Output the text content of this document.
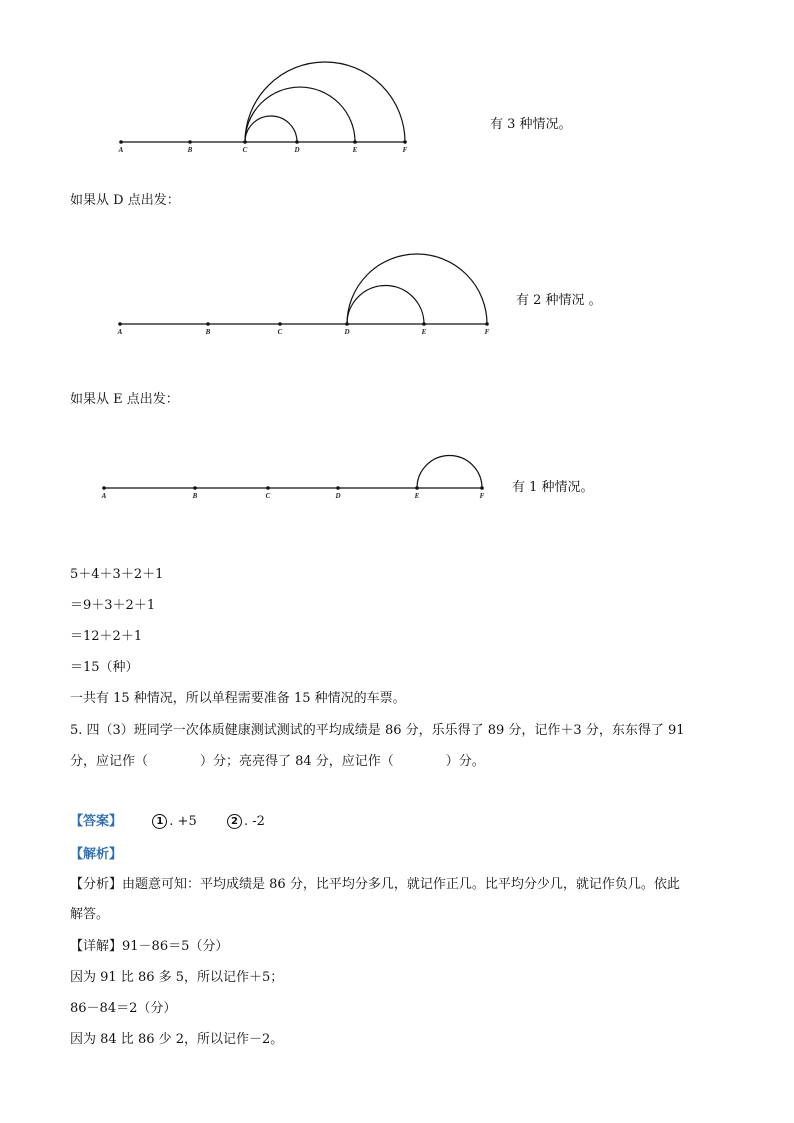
A	B	C	D	E	F
有 3 种情况。
如果从 D 点出发：
A	B	C	D	E	F
有 2 种情况 。
如果从 E 点出发：
A	B	C	D	E	F
有 1 种情况。
5＋4＋3＋2＋1
＝9＋3＋2＋1
＝12＋2＋1
＝15（种）
一共有 15 种情况，所以单程需要准备 15 种情况的车票。
5. 四（3）班同学一次体质健康测试测试的平均成绩是 86 分，乐乐得了 89 分，记作＋3 分，东东得了 91
分，应记作（　　　　）分；亮亮得了 84 分，应记作（　　　　）分。
【答案】	1 . +5	2 . -2
【解析】
【分析】由题意可知：平均成绩是 86 分，比平均分多几，就记作正几。比平均分少几，就记作负几。依此
解答。
【详解】91－86＝5（分）
因为 91 比 86 多 5，所以记作＋5；
86－84＝2（分）
因为 84 比 86 少 2，所以记作－2。
